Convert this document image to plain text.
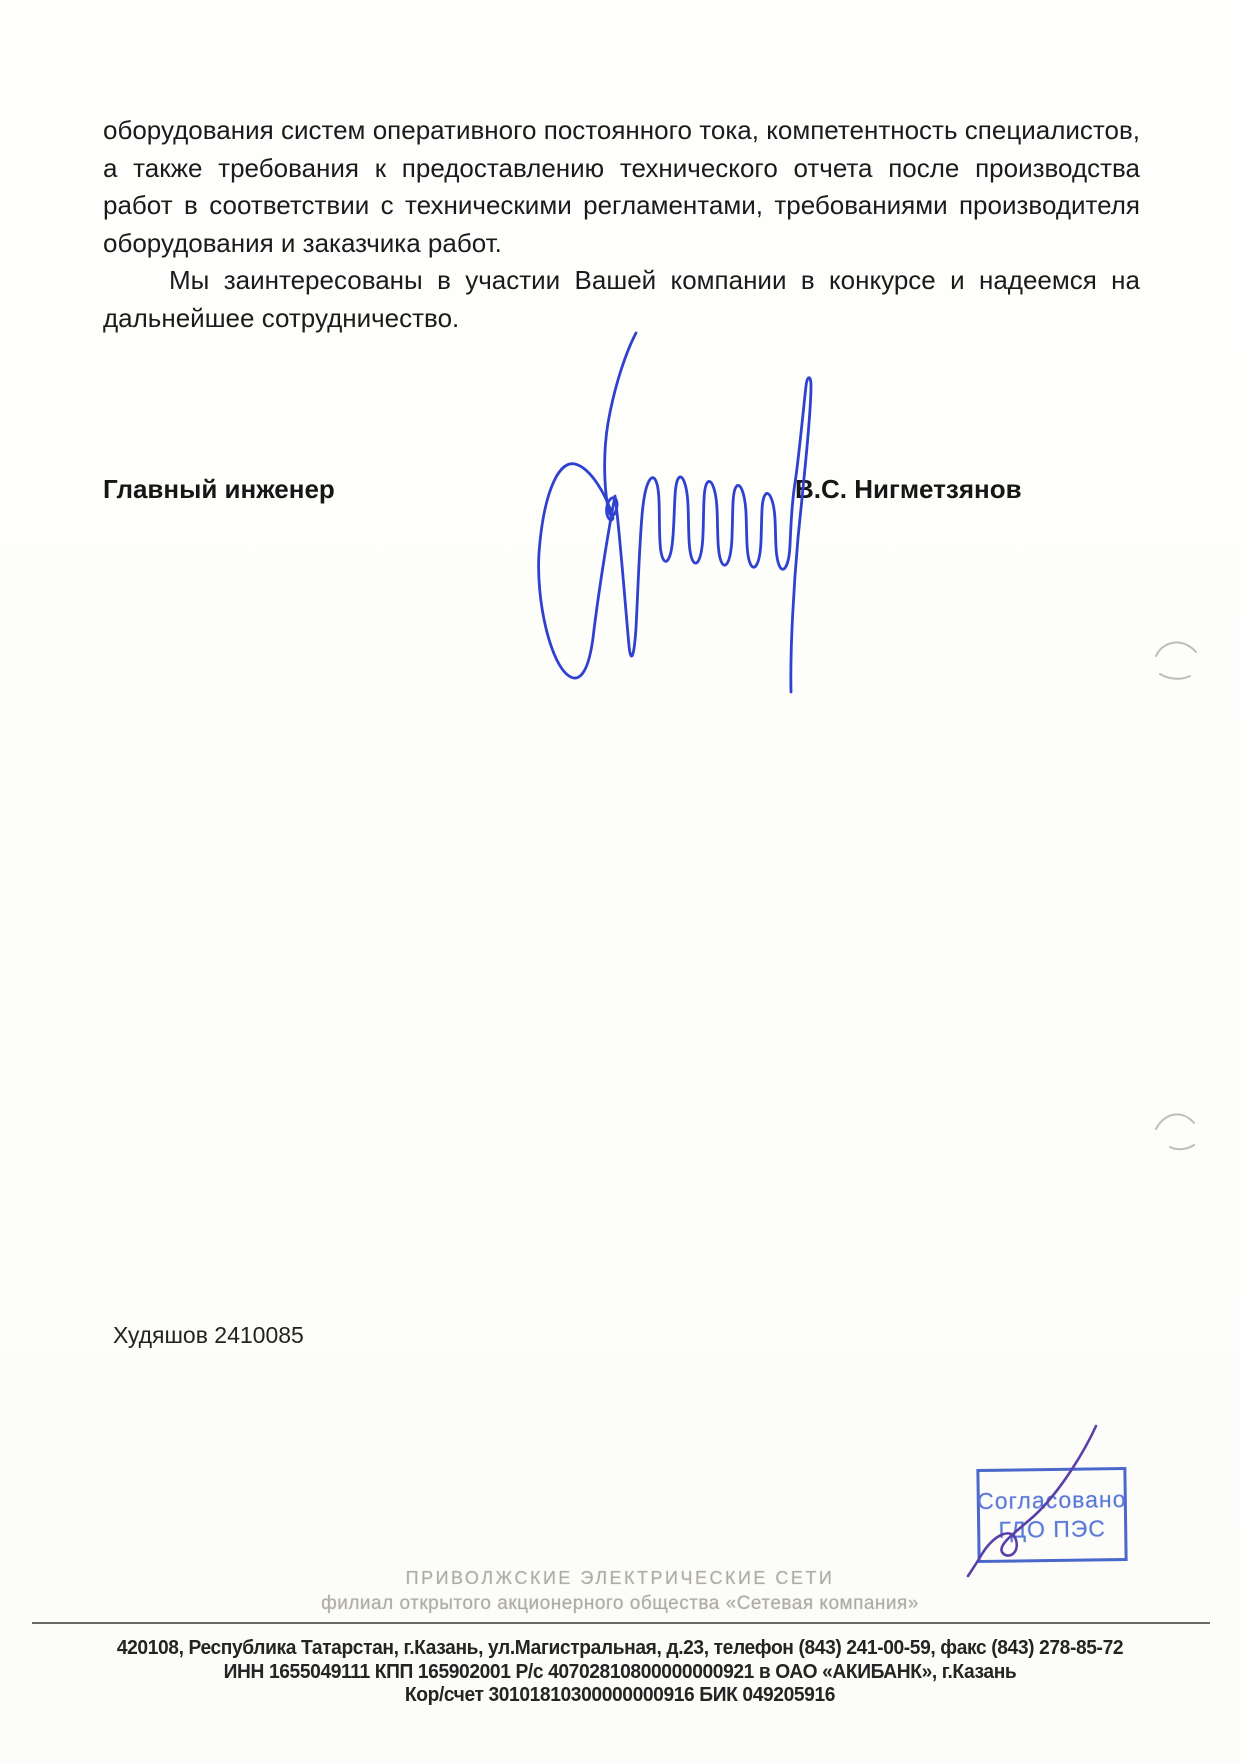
оборудования систем оперативного постоянного тока, компетентность специалистов, а также требования к предоставлению технического отчета после производства работ в соответствии с техническими регламентами, требованиями производителя оборудования и заказчика работ.

Мы заинтересованы в участии Вашей компании в конкурсе и надеемся на дальнейшее сотрудничество.

Главный инженер	В.С. Нигметзянов
Худяшов 2410085
Согласовано
ГДО ПЭС
ПРИВОЛЖСКИЕ ЭЛЕКТРИЧЕСКИЕ СЕТИ
филиал открытого акционерного общества «Сетевая компания»
420108, Республика Татарстан, г.Казань, ул.Магистральная, д.23, телефон (843) 241-00-59, факс (843) 278-85-72
ИНН 1655049111 КПП 165902001 Р/с 40702810800000000921 в ОАО «АКИБАНК», г.Казань
Кор/счет 30101810300000000916 БИК 049205916
